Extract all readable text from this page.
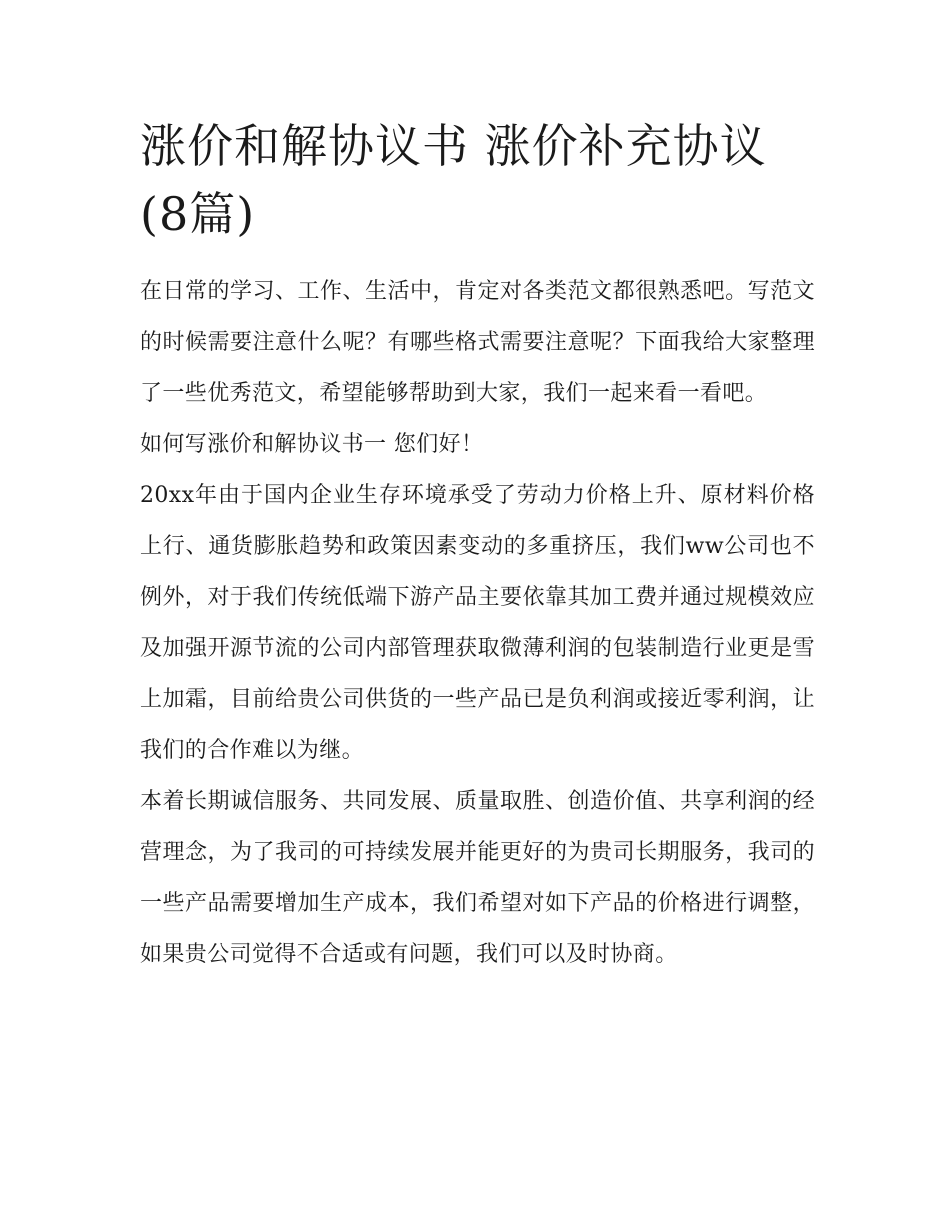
涨价和解协议书 涨价补充协议(8篇)

在日常的学习、工作、生活中，肯定对各类范文都很熟悉吧。写范文的时候需要注意什么呢？有哪些格式需要注意呢？下面我给大家整理了一些优秀范文，希望能够帮助到大家，我们一起来看一看吧。

如何写涨价和解协议书一 您们好！

20xx年由于国内企业生存环境承受了劳动力价格上升、原材料价格上行、通货膨胀趋势和政策因素变动的多重挤压，我们ww公司也不例外，对于我们传统低端下游产品主要依靠其加工费并通过规模效应及加强开源节流的公司内部管理获取微薄利润的包装制造行业更是雪上加霜，目前给贵公司供货的一些产品已是负利润或接近零利润，让我们的合作难以为继。

本着长期诚信服务、共同发展、质量取胜、创造价值、共享利润的经营理念，为了我司的可持续发展并能更好的为贵司长期服务，我司的一些产品需要增加生产成本，我们希望对如下产品的价格进行调整，如果贵公司觉得不合适或有问题，我们可以及时协商。
